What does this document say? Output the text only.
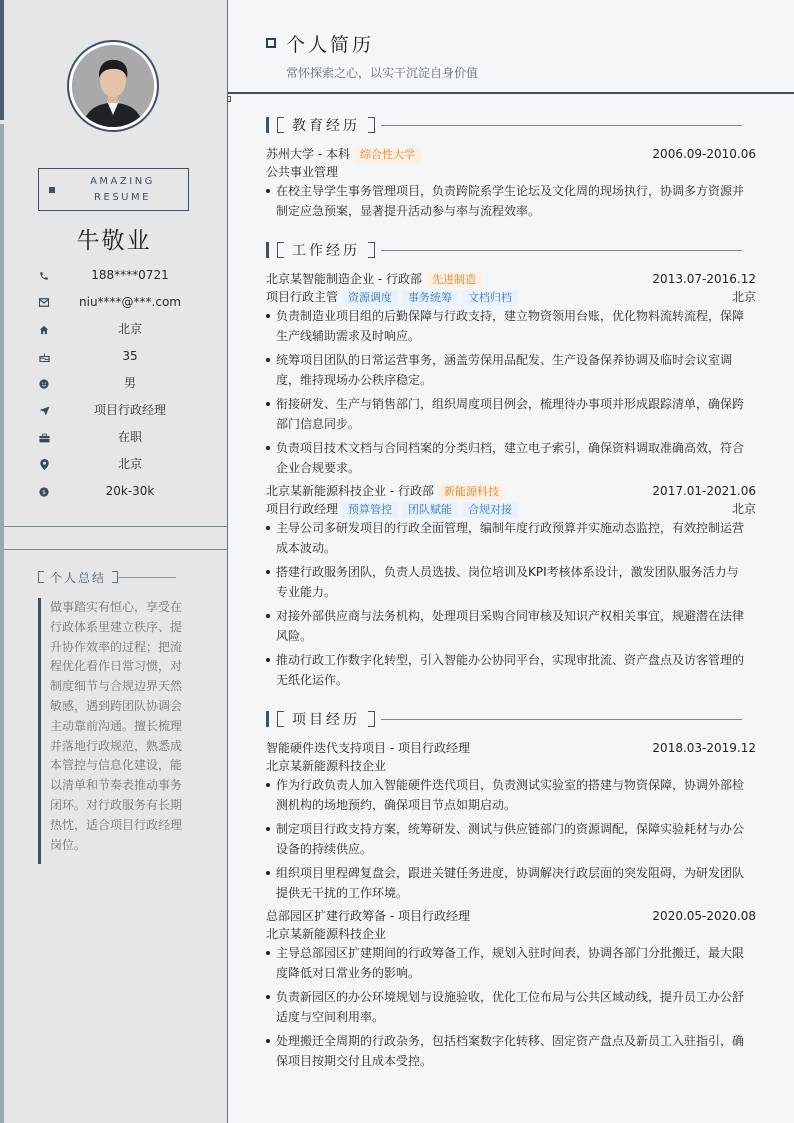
AMAZING RESUME
牛敬业
188****0721
niu****@***.com
北京
35
男
项目行政经理
在职
北京
$	20k-30k
个人总结
做事踏实有恒心，享受在行政体系里建立秩序、提升协作效率的过程；把流程优化看作日常习惯，对制度细节与合规边界天然敏感，遇到跨团队协调会主动靠前沟通。擅长梳理并落地行政规范，熟悉成本管控与信息化建设，能以清单和节奏表推动事务闭环。对行政服务有长期热忱，适合项目行政经理岗位。
个人简历
常怀探索之心，以实干沉淀自身价值
教育经历
苏州大学 - 本科 综合性大学	2006.09-2010.06
公共事业管理
在校主导学生事务管理项目，负责跨院系学生论坛及文化周的现场执行，协调多方资源并制定应急预案，显著提升活动参与率与流程效率。
工作经历
北京某智能制造企业 - 行政部 先进制造	2013.07-2016.12
项目行政主管 资源调度 事务统筹 文档归档	北京
负责制造业项目组的后勤保障与行政支持，建立物资领用台账，优化物料流转流程，保障生产线辅助需求及时响应。
统筹项目团队的日常运营事务，涵盖劳保用品配发、生产设备保养协调及临时会议室调度，维持现场办公秩序稳定。
衔接研发、生产与销售部门，组织周度项目例会，梳理待办事项并形成跟踪清单，确保跨部门信息同步。
负责项目技术文档与合同档案的分类归档，建立电子索引，确保资料调取准确高效，符合企业合规要求。
北京某新能源科技企业 - 行政部 新能源科技	2017.01-2021.06
项目行政经理 预算管控 团队赋能 合规对接	北京
主导公司多研发项目的行政全面管理，编制年度行政预算并实施动态监控，有效控制运营成本波动。
搭建行政服务团队，负责人员选拔、岗位培训及KPI考核体系设计，激发团队服务活力与专业能力。
对接外部供应商与法务机构，处理项目采购合同审核及知识产权相关事宜，规避潜在法律风险。
推动行政工作数字化转型，引入智能办公协同平台，实现审批流、资产盘点及访客管理的无纸化运作。
项目经历
智能硬件迭代支持项目 - 项目行政经理	2018.03-2019.12
北京某新能源科技企业
作为行政负责人加入智能硬件迭代项目，负责测试实验室的搭建与物资保障，协调外部检测机构的场地预约，确保项目节点如期启动。
制定项目行政支持方案，统筹研发、测试与供应链部门的资源调配，保障实验耗材与办公设备的持续供应。
组织项目里程碑复盘会，跟进关键任务进度，协调解决行政层面的突发阻碍，为研发团队提供无干扰的工作环境。
总部园区扩建行政筹备 - 项目行政经理	2020.05-2020.08
北京某新能源科技企业
主导总部园区扩建期间的行政筹备工作，规划入驻时间表，协调各部门分批搬迁，最大限度降低对日常业务的影响。
负责新园区的办公环境规划与设施验收，优化工位布局与公共区域动线，提升员工办公舒适度与空间利用率。
处理搬迁全周期的行政杂务，包括档案数字化转移、固定资产盘点及新员工入驻指引，确保项目按期交付且成本受控。
